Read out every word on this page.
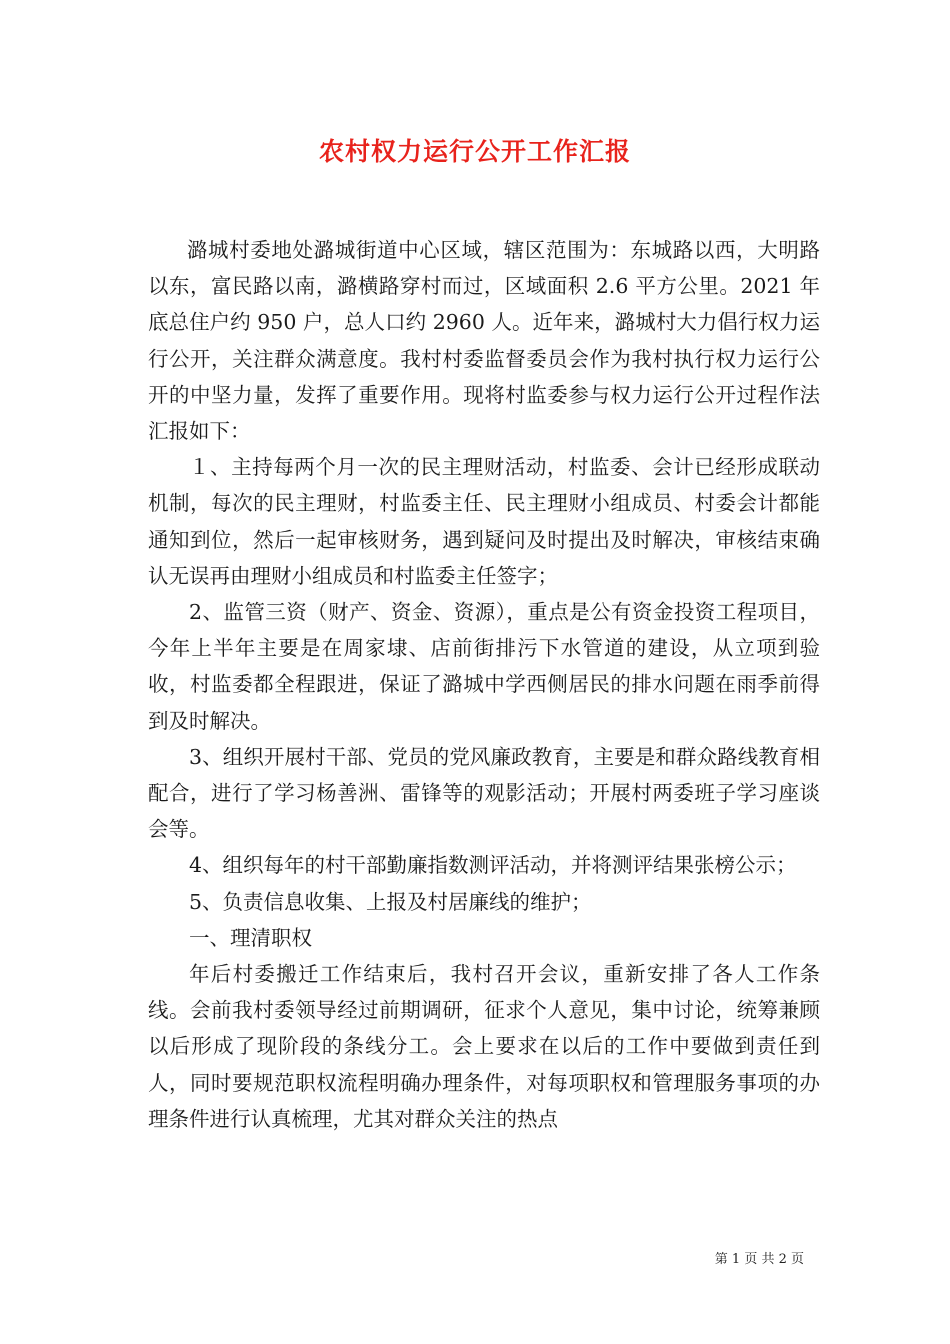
农村权力运行公开工作汇报

潞城村委地处潞城街道中心区域，辖区范围为：东城路以西，大明路以东，富民路以南，潞横路穿村而过，区域面积 2.6 平方公里。2021 年底总住户约 950 户，总人口约 2960 人。近年来，潞城村大力倡行权力运行公开，关注群众满意度。我村村委监督委员会作为我村执行权力运行公开的中坚力量，发挥了重要作用。现将村监委参与权力运行公开过程作法汇报如下：

１、主持每两个月一次的民主理财活动，村监委、会计已经形成联动机制，每次的民主理财，村监委主任、民主理财小组成员、村委会计都能通知到位，然后一起审核财务，遇到疑问及时提出及时解决，审核结束确认无误再由理财小组成员和村监委主任签字；

2、监管三资（财产、资金、资源），重点是公有资金投资工程项目，今年上半年主要是在周家埭、店前街排污下水管道的建设，从立项到验收，村监委都全程跟进，保证了潞城中学西侧居民的排水问题在雨季前得到及时解决。

3、组织开展村干部、党员的党风廉政教育，主要是和群众路线教育相配合，进行了学习杨善洲、雷锋等的观影活动；开展村两委班子学习座谈会等。

4、组织每年的村干部勤廉指数测评活动，并将测评结果张榜公示；

5、负责信息收集、上报及村居廉线的维护；

一、理清职权

年后村委搬迁工作结束后，我村召开会议，重新安排了各人工作条线。会前我村委领导经过前期调研，征求个人意见，集中讨论，统筹兼顾以后形成了现阶段的条线分工。会上要求在以后的工作中要做到责任到人，同时要规范职权流程明确办理条件，对每项职权和管理服务事项的办理条件进行认真梳理，尤其对群众关注的热点

第 1 页 共 2 页
